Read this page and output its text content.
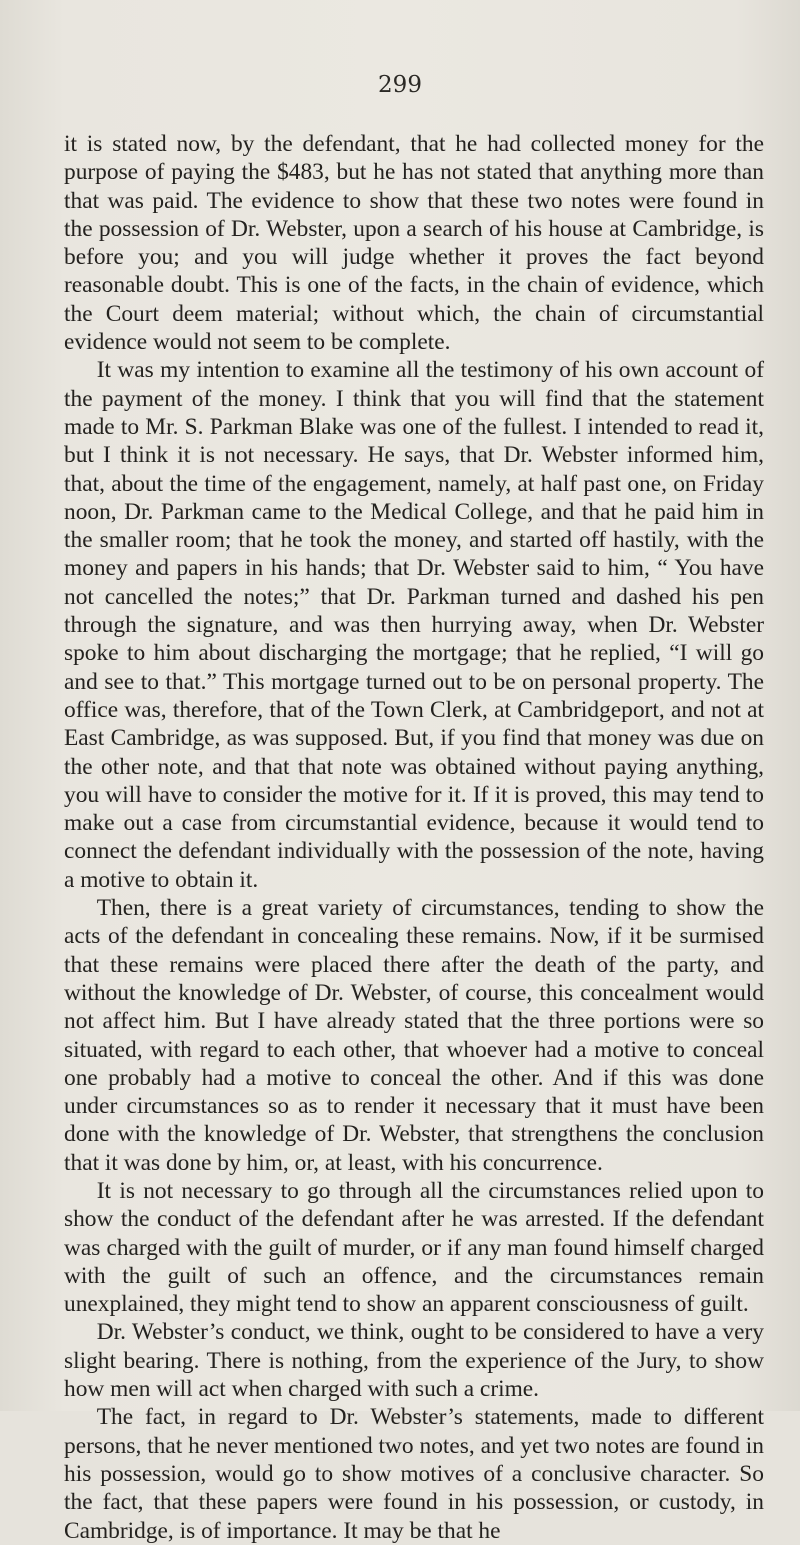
299

it is stated now, by the defendant, that he had collected money for the purpose of paying the $483, but he has not stated that anything more than that was paid. The evidence to show that these two notes were found in the possession of Dr. Webster, upon a search of his house at Cambridge, is before you; and you will judge whether it proves the fact beyond reasonable doubt. This is one of the facts, in the chain of evidence, which the Court deem material; without which, the chain of circumstantial evidence would not seem to be complete.

It was my intention to examine all the testimony of his own account of the payment of the money. I think that you will find that the statement made to Mr. S. Parkman Blake was one of the fullest. I intended to read it, but I think it is not necessary. He says, that Dr. Webster informed him, that, about the time of the engagement, namely, at half past one, on Friday noon, Dr. Parkman came to the Medical College, and that he paid him in the smaller room; that he took the money, and started off hastily, with the money and papers in his hands; that Dr. Webster said to him, “ You have not cancelled the notes;” that Dr. Parkman turned and dashed his pen through the signature, and was then hurrying away, when Dr. Webster spoke to him about discharging the mortgage; that he replied, “I will go and see to that.” This mortgage turned out to be on personal property. The office was, therefore, that of the Town Clerk, at Cambridgeport, and not at East Cambridge, as was supposed. But, if you find that money was due on the other note, and that that note was obtained without paying anything, you will have to consider the motive for it. If it is proved, this may tend to make out a case from circumstantial evidence, because it would tend to connect the defendant individually with the possession of the note, having a motive to obtain it.

Then, there is a great variety of circumstances, tending to show the acts of the defendant in concealing these remains. Now, if it be surmised that these remains were placed there after the death of the party, and without the knowledge of Dr. Webster, of course, this concealment would not affect him. But I have already stated that the three portions were so situated, with regard to each other, that whoever had a motive to conceal one probably had a motive to conceal the other. And if this was done under circumstances so as to render it necessary that it must have been done with the knowledge of Dr. Webster, that strengthens the conclusion that it was done by him, or, at least, with his concurrence.

It is not necessary to go through all the circumstances relied upon to show the conduct of the defendant after he was arrested. If the defendant was charged with the guilt of murder, or if any man found himself charged with the guilt of such an offence, and the circumstances remain unexplained, they might tend to show an apparent consciousness of guilt.

Dr. Webster’s conduct, we think, ought to be considered to have a very slight bearing. There is nothing, from the experience of the Jury, to show how men will act when charged with such a crime.

The fact, in regard to Dr. Webster’s statements, made to different persons, that he never mentioned two notes, and yet two notes are found in his possession, would go to show motives of a conclusive character. So the fact, that these papers were found in his possession, or custody, in Cambridge, is of importance. It may be that he
